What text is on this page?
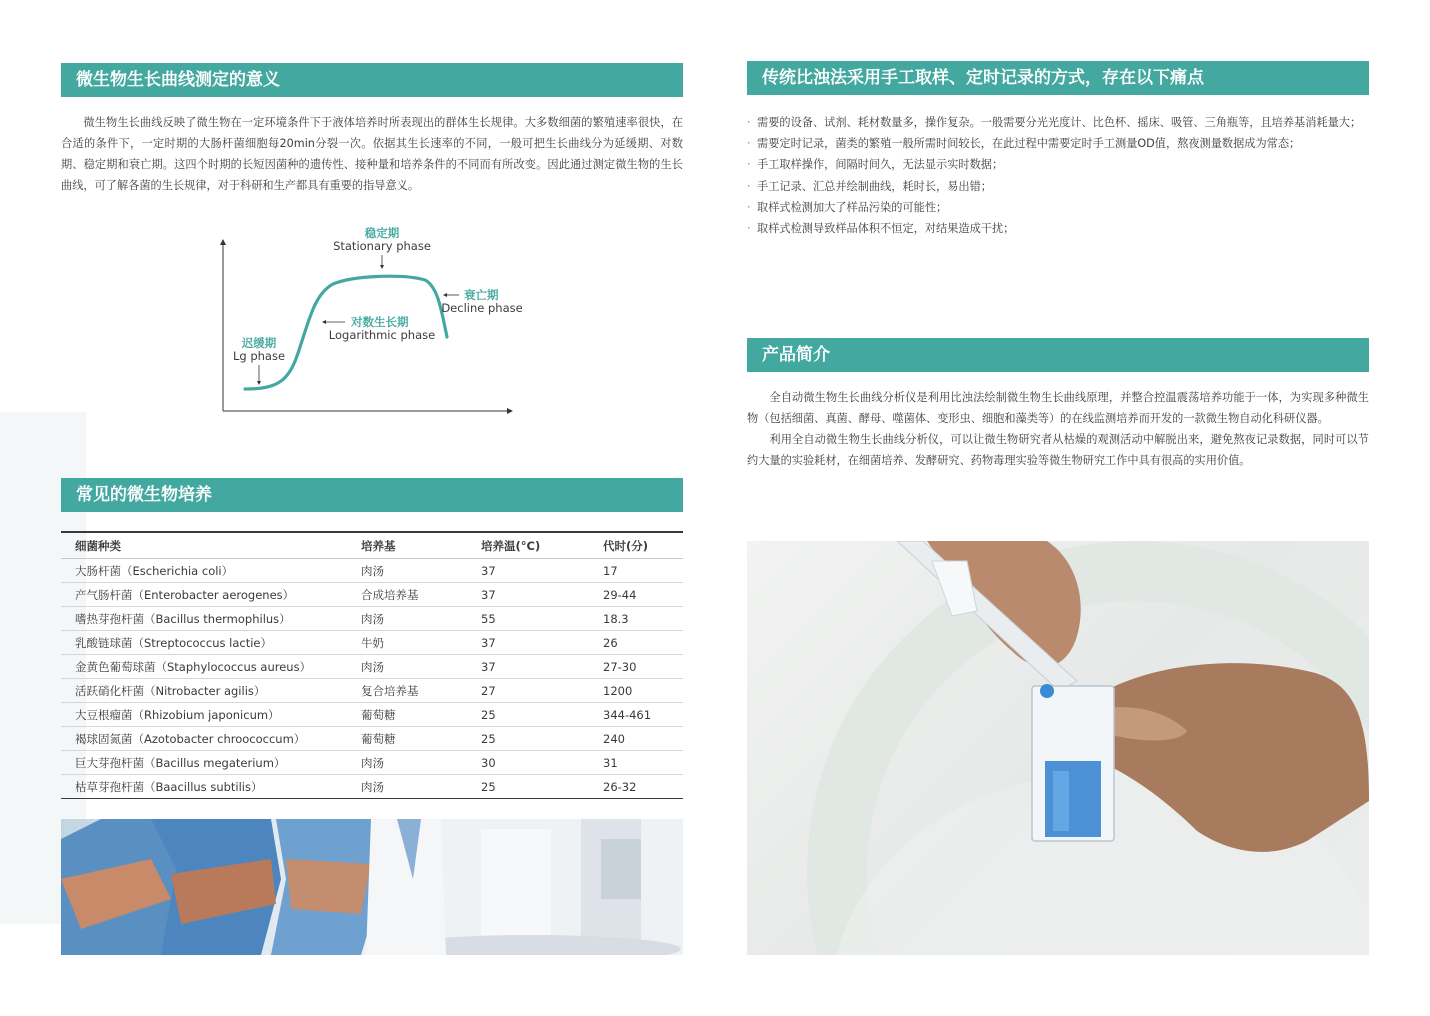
微生物生长曲线测定的意义

微生物生长曲线反映了微生物在一定环境条件下于液体培养时所表现出的群体生长规律。大多数细菌的繁殖速率很快，在合适的条件下，一定时期的大肠杆菌细胞每20min分裂一次。依据其生长速率的不同，一般可把生长曲线分为延缓期、对数期、稳定期和衰亡期。这四个时期的长短因菌种的遗传性、接种量和培养条件的不同而有所改变。因此通过测定微生物的生长曲线，可了解各菌的生长规律，对于科研和生产都具有重要的指导意义。

迟缓期
Lg phase
对数生长期
Logarithmic phase
稳定期
Stationary phase
衰亡期
Decline phase
常见的微生物培养
细菌种类	培养基	培养温(°C)	代时(分)
大肠杆菌（Escherichia coli）	肉汤	37	17
产气肠杆菌（Enterobacter aerogenes）	合成培养基	37	29-44
嗜热芽孢杆菌（Bacillus thermophilus）	肉汤	55	18.3
乳酸链球菌（Streptococcus lactie）	牛奶	37	26
金黄色葡萄球菌（Staphylococcus aureus）	肉汤	37	27-30
活跃硝化杆菌（Nitrobacter agilis）	复合培养基	27	1200
大豆根瘤菌（Rhizobium japonicum）	葡萄糖	25	344-461
褐球固氮菌（Azotobacter chroococcum）	葡萄糖	25	240
巨大芽孢杆菌（Bacillus megaterium）	肉汤	30	31
枯草芽孢杆菌（Baacillus subtilis）	肉汤	25	26-32
传统比浊法采用手工取样、定时记录的方式，存在以下痛点
· 需要的设备、试剂、耗材数量多，操作复杂。一般需要分光光度计、比色杯、摇床、吸管、三角瓶等，且培养基消耗量大；
· 需要定时记录，菌类的繁殖一般所需时间较长，在此过程中需要定时手工测量OD值，熬夜测量数据成为常态；
· 手工取样操作，间隔时间久，无法显示实时数据；
· 手工记录、汇总并绘制曲线，耗时长，易出错；
· 取样式检测加大了样品污染的可能性；
· 取样式检测导致样品体积不恒定，对结果造成干扰；
产品简介

全自动微生物生长曲线分析仪是利用比浊法绘制微生物生长曲线原理，并整合控温震荡培养功能于一体，为实现多种微生物（包括细菌、真菌、酵母、噬菌体、变形虫、细胞和藻类等）的在线监测培养而开发的一款微生物自动化科研仪器。

利用全自动微生物生长曲线分析仪，可以让微生物研究者从枯燥的观测活动中解脱出来，避免熬夜记录数据，同时可以节约大量的实验耗材，在细菌培养、发酵研究、药物毒理实验等微生物研究工作中具有很高的实用价值。
